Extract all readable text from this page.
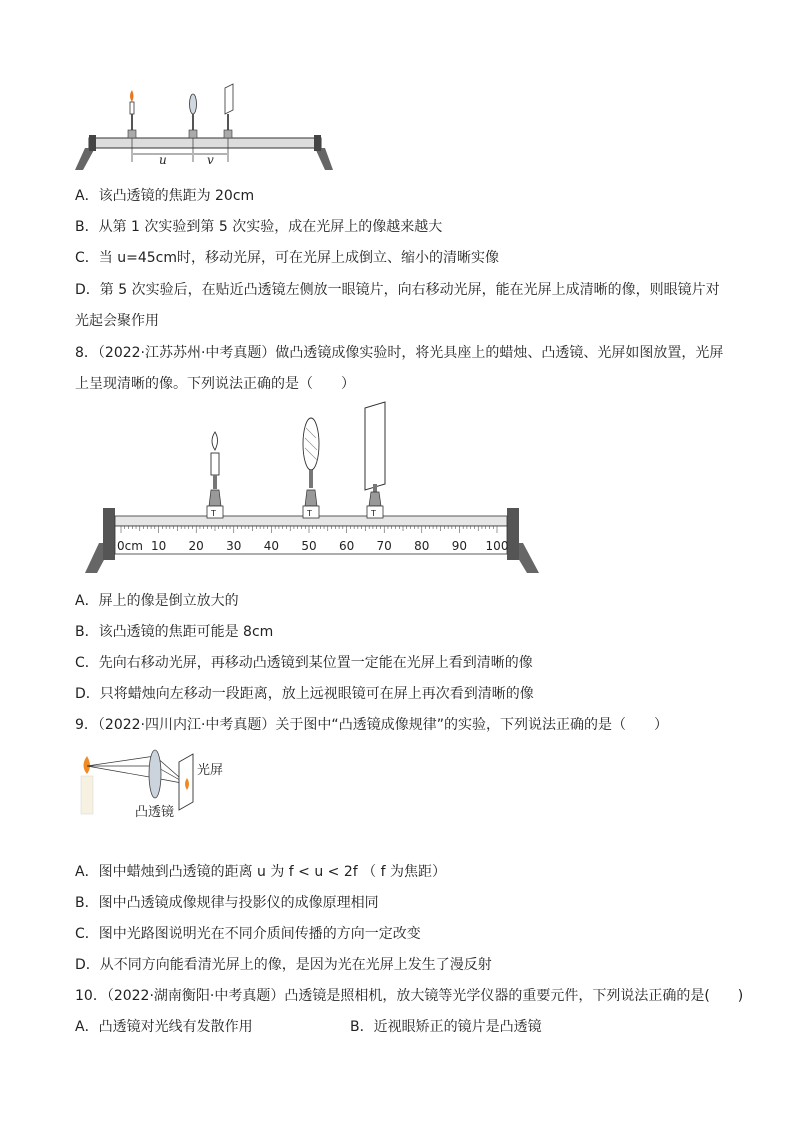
u	v
A．该凸透镜的焦距为 20cm
B．从第 1 次实验到第 5 次实验，成在光屏上的像越来越大
C．当 u=45cm时，移动光屏，可在光屏上成倒立、缩小的清晰实像
D．第 5 次实验后，在贴近凸透镜左侧放一眼镜片，向右移动光屏，能在光屏上成清晰的像，则眼镜片对
光起会聚作用
8．（2022·江苏苏州·中考真题）做凸透镜成像实验时，将光具座上的蜡烛、凸透镜、光屏如图放置，光屏
上呈现清晰的像。下列说法正确的是（　　）
0cm 10 20 30 40 50 60 70 80 90 100
T	T	T
A．屏上的像是倒立放大的
B．该凸透镜的焦距可能是 8cm
C．先向右移动光屏，再移动凸透镜到某位置一定能在光屏上看到清晰的像
D．只将蜡烛向左移动一段距离，放上远视眼镜可在屏上再次看到清晰的像
9．（2022·四川内江·中考真题）关于图中“凸透镜成像规律”的实验，下列说法正确的是（　　）
光屏
凸透镜
A．图中蜡烛到凸透镜的距离 u 为 f < u < 2f （ f 为焦距）
B．图中凸透镜成像规律与投影仪的成像原理相同
C．图中光路图说明光在不同介质间传播的方向一定改变
D．从不同方向能看清光屏上的像，是因为光在光屏上发生了漫反射
10．（2022·湖南衡阳·中考真题）凸透镜是照相机，放大镜等光学仪器的重要元件，下列说法正确的是(　　)
A．凸透镜对光线有发散作用	B．近视眼矫正的镜片是凸透镜
